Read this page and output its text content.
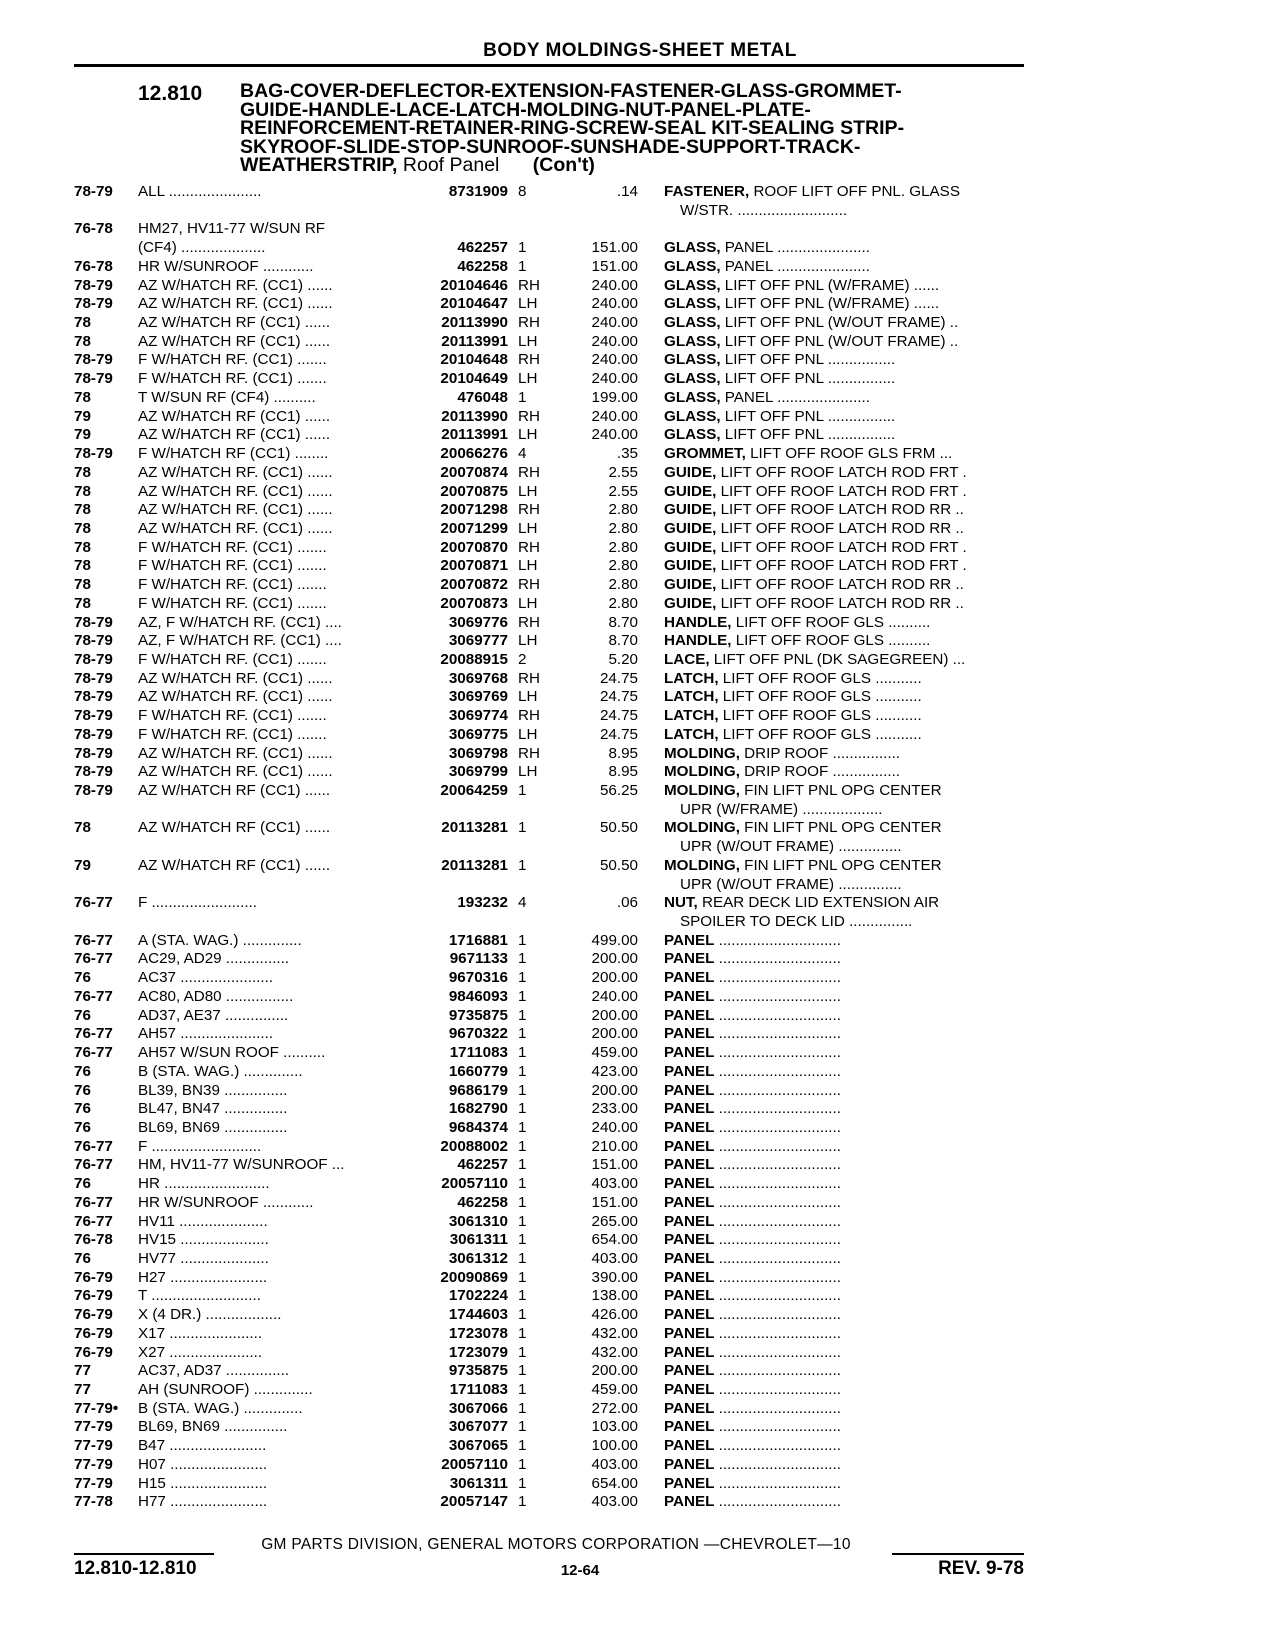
BODY MOLDINGS-SHEET METAL
12.810 BAG-COVER-DEFLECTOR-EXTENSION-FASTENER-GLASS-GROMMET-
GUIDE-HANDLE-LACE-LATCH-MOLDING-NUT-PANEL-PLATE-
REINFORCEMENT-RETAINER-RING-SCREW-SEAL KIT-SEALING STRIP-
SKYROOF-SLIDE-STOP-SUNROOF-SUNSHADE-SUPPORT-TRACK-
WEATHERSTRIP, Roof Panel (Con't)
78-79	ALL ......................	8731909 8	.14 FASTENER, ROOF LIFT OFF PNL. GLASS
W/STR. ..........................
76-78	HM27, HV11-77 W/SUN RF
(CF4) ....................	462257 1	151.00 GLASS, PANEL ......................
76-78	HR W/SUNROOF ............	462258 1	151.00 GLASS, PANEL ......................
78-79	AZ W/HATCH RF. (CC1) ......	20104646 RH	240.00 GLASS, LIFT OFF PNL (W/FRAME) ......
78-79	AZ W/HATCH RF. (CC1) ......	20104647 LH	240.00 GLASS, LIFT OFF PNL (W/FRAME) ......
78	AZ W/HATCH RF (CC1) ......	20113990 RH	240.00 GLASS, LIFT OFF PNL (W/OUT FRAME) ..
78	AZ W/HATCH RF (CC1) ......	20113991 LH	240.00 GLASS, LIFT OFF PNL (W/OUT FRAME) ..
78-79	F W/HATCH RF. (CC1) .......	20104648 RH	240.00 GLASS, LIFT OFF PNL ................
78-79	F W/HATCH RF. (CC1) .......	20104649 LH	240.00 GLASS, LIFT OFF PNL ................
78	T W/SUN RF (CF4) ..........	476048 1	199.00 GLASS, PANEL ......................
79	AZ W/HATCH RF (CC1) ......	20113990 RH	240.00 GLASS, LIFT OFF PNL ................
79	AZ W/HATCH RF (CC1) ......	20113991 LH	240.00 GLASS, LIFT OFF PNL ................
78-79	F W/HATCH RF (CC1) ........	20066276 4	.35 GROMMET, LIFT OFF ROOF GLS FRM ...
78	AZ W/HATCH RF. (CC1) ......	20070874 RH	2.55 GUIDE, LIFT OFF ROOF LATCH ROD FRT .
78	AZ W/HATCH RF. (CC1) ......	20070875 LH	2.55 GUIDE, LIFT OFF ROOF LATCH ROD FRT .
78	AZ W/HATCH RF. (CC1) ......	20071298 RH	2.80 GUIDE, LIFT OFF ROOF LATCH ROD RR ..
78	AZ W/HATCH RF. (CC1) ......	20071299 LH	2.80 GUIDE, LIFT OFF ROOF LATCH ROD RR ..
78	F W/HATCH RF. (CC1) .......	20070870 RH	2.80 GUIDE, LIFT OFF ROOF LATCH ROD FRT .
78	F W/HATCH RF. (CC1) .......	20070871 LH	2.80 GUIDE, LIFT OFF ROOF LATCH ROD FRT .
78	F W/HATCH RF. (CC1) .......	20070872 RH	2.80 GUIDE, LIFT OFF ROOF LATCH ROD RR ..
78	F W/HATCH RF. (CC1) .......	20070873 LH	2.80 GUIDE, LIFT OFF ROOF LATCH ROD RR ..
78-79	AZ, F W/HATCH RF. (CC1) ....	3069776 RH	8.70 HANDLE, LIFT OFF ROOF GLS ..........
78-79	AZ, F W/HATCH RF. (CC1) ....	3069777 LH	8.70 HANDLE, LIFT OFF ROOF GLS ..........
78-79	F W/HATCH RF. (CC1) .......	20088915 2	5.20 LACE, LIFT OFF PNL (DK SAGEGREEN) ...
78-79	AZ W/HATCH RF. (CC1) ......	3069768 RH	24.75 LATCH, LIFT OFF ROOF GLS ...........
78-79	AZ W/HATCH RF. (CC1) ......	3069769 LH	24.75 LATCH, LIFT OFF ROOF GLS ...........
78-79	F W/HATCH RF. (CC1) .......	3069774 RH	24.75 LATCH, LIFT OFF ROOF GLS ...........
78-79	F W/HATCH RF. (CC1) .......	3069775 LH	24.75 LATCH, LIFT OFF ROOF GLS ...........
78-79	AZ W/HATCH RF. (CC1) ......	3069798 RH	8.95 MOLDING, DRIP ROOF ................
78-79	AZ W/HATCH RF. (CC1) ......	3069799 LH	8.95 MOLDING, DRIP ROOF ................
78-79	AZ W/HATCH RF (CC1) ......	20064259 1	56.25 MOLDING, FIN LIFT PNL OPG CENTER
UPR (W/FRAME) ...................
78	AZ W/HATCH RF (CC1) ......	20113281 1	50.50 MOLDING, FIN LIFT PNL OPG CENTER
UPR (W/OUT FRAME) ...............
79	AZ W/HATCH RF (CC1) ......	20113281 1	50.50 MOLDING, FIN LIFT PNL OPG CENTER
UPR (W/OUT FRAME) ...............
76-77	F .........................	193232 4	.06 NUT, REAR DECK LID EXTENSION AIR
SPOILER TO DECK LID ...............
76-77	A (STA. WAG.) ..............	1716881 1	499.00 PANEL .............................
76-77	AC29, AD29 ...............	9671133 1	200.00 PANEL .............................
76	AC37 ......................	9670316 1	200.00 PANEL .............................
76-77	AC80, AD80 ................	9846093 1	240.00 PANEL .............................
76	AD37, AE37 ...............	9735875 1	200.00 PANEL .............................
76-77	AH57 ......................	9670322 1	200.00 PANEL .............................
76-77	AH57 W/SUN ROOF ..........	1711083 1	459.00 PANEL .............................
76	B (STA. WAG.) ..............	1660779 1	423.00 PANEL .............................
76	BL39, BN39 ...............	9686179 1	200.00 PANEL .............................
76	BL47, BN47 ...............	1682790 1	233.00 PANEL .............................
76	BL69, BN69 ...............	9684374 1	240.00 PANEL .............................
76-77	F ..........................	20088002 1	210.00 PANEL .............................
76-77	HM, HV11-77 W/SUNROOF ...	462257 1	151.00 PANEL .............................
76	HR .........................	20057110 1	403.00 PANEL .............................
76-77	HR W/SUNROOF ............	462258 1	151.00 PANEL .............................
76-77	HV11 .....................	3061310 1	265.00 PANEL .............................
76-78	HV15 .....................	3061311 1	654.00 PANEL .............................
76	HV77 .....................	3061312 1	403.00 PANEL .............................
76-79	H27 .......................	20090869 1	390.00 PANEL .............................
76-79	T ..........................	1702224 1	138.00 PANEL .............................
76-79	X (4 DR.) ..................	1744603 1	426.00 PANEL .............................
76-79	X17 ......................	1723078 1	432.00 PANEL .............................
76-79	X27 ......................	1723079 1	432.00 PANEL .............................
77	AC37, AD37 ...............	9735875 1	200.00 PANEL .............................
77	AH (SUNROOF) ..............	1711083 1	459.00 PANEL .............................
77-79•	B (STA. WAG.) ..............	3067066 1	272.00 PANEL .............................
77-79	BL69, BN69 ...............	3067077 1	103.00 PANEL .............................
77-79	B47 .......................	3067065 1	100.00 PANEL .............................
77-79	H07 .......................	20057110 1	403.00 PANEL .............................
77-79	H15 .......................	3061311 1	654.00 PANEL .............................
77-78	H77 .......................	20057147 1	403.00 PANEL .............................
GM PARTS DIVISION, GENERAL MOTORS CORPORATION —CHEVROLET—10
12.810-12.810	12-64	REV. 9-78
